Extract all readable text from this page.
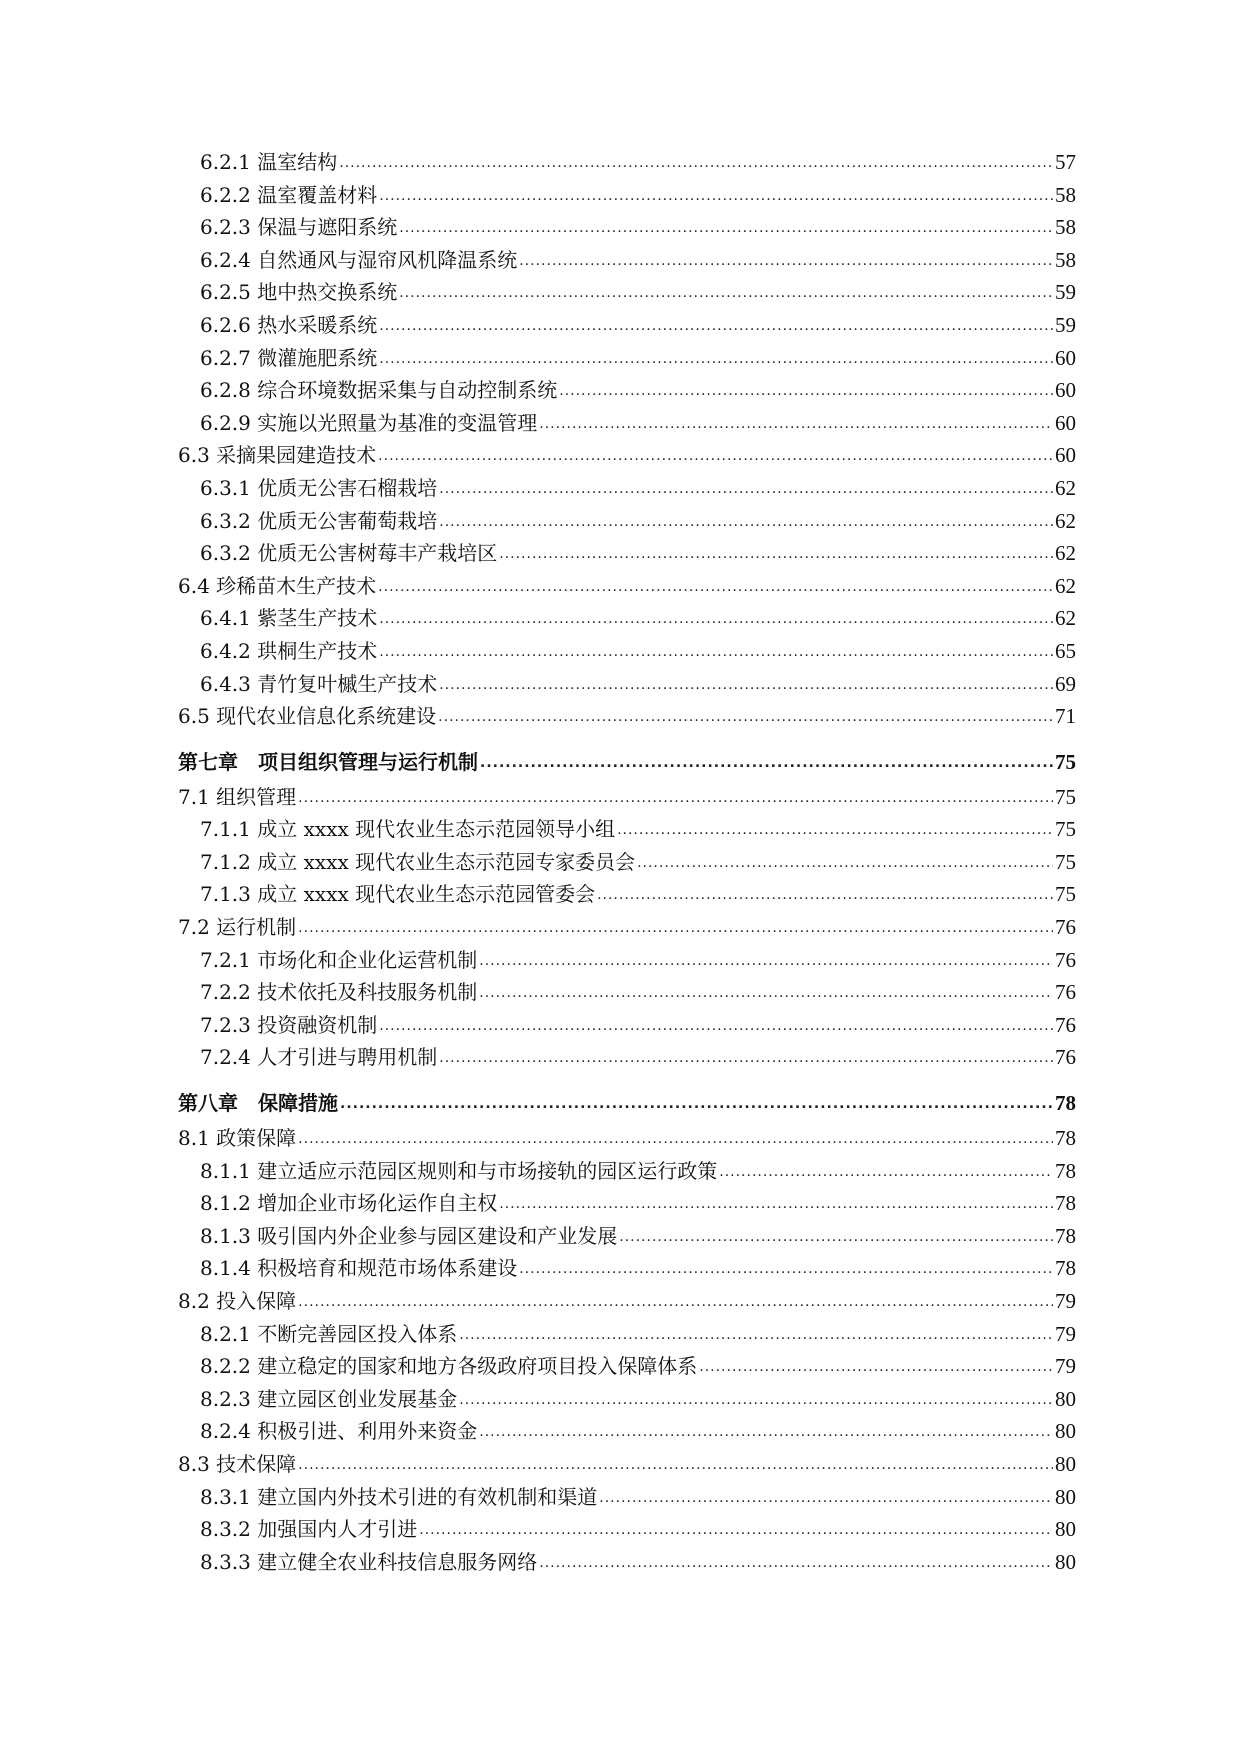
6.2.1 温室结构 .....	57
6.2.2 温室覆盖材料 .....	58
6.2.3 保温与遮阳系统 .....	58
6.2.4 自然通风与湿帘风机降温系统 .....	58
6.2.5 地中热交换系统 .....	59
6.2.6 热水采暖系统 .....	59
6.2.7 微灌施肥系统 .....	60
6.2.8 综合环境数据采集与自动控制系统 .....	60
6.2.9 实施以光照量为基准的变温管理 .....	60
6.3 采摘果园建造技术 .....	60
6.3.1 优质无公害石榴栽培 .....	62
6.3.2 优质无公害葡萄栽培 .....	62
6.3.2 优质无公害树莓丰产栽培区 .....	62
6.4 珍稀苗木生产技术 .....	62
6.4.1 紫茎生产技术 .....	62
6.4.2 珙桐生产技术 .....	65
6.4.3 青竹复叶槭生产技术 .....	69
6.5 现代农业信息化系统建设 .....	71
第七章　项目组织管理与运行机制 .....	75
7.1 组织管理 .....	75
7.1.1 成立 xxxx 现代农业生态示范园领导小组 .....	75
7.1.2 成立 xxxx 现代农业生态示范园专家委员会 .....	75
7.1.3 成立 xxxx 现代农业生态示范园管委会 .....	75
7.2 运行机制 .....	76
7.2.1 市场化和企业化运营机制 .....	76
7.2.2 技术依托及科技服务机制 .....	76
7.2.3 投资融资机制 .....	76
7.2.4 人才引进与聘用机制 .....	76
第八章　保障措施 .....	78
8.1 政策保障 .....	78
8.1.1 建立适应示范园区规则和与市场接轨的园区运行政策 .....	78
8.1.2 增加企业市场化运作自主权 .....	78
8.1.3 吸引国内外企业参与园区建设和产业发展 .....	78
8.1.4 积极培育和规范市场体系建设 .....	78
8.2 投入保障 .....	79
8.2.1 不断完善园区投入体系 .....	79
8.2.2 建立稳定的国家和地方各级政府项目投入保障体系 .....	79
8.2.3 建立园区创业发展基金 .....	80
8.2.4 积极引进、利用外来资金 .....	80
8.3 技术保障 .....	80
8.3.1 建立国内外技术引进的有效机制和渠道 .....	80
8.3.2 加强国内人才引进 .....	80
8.3.3 建立健全农业科技信息服务网络 .....	80
